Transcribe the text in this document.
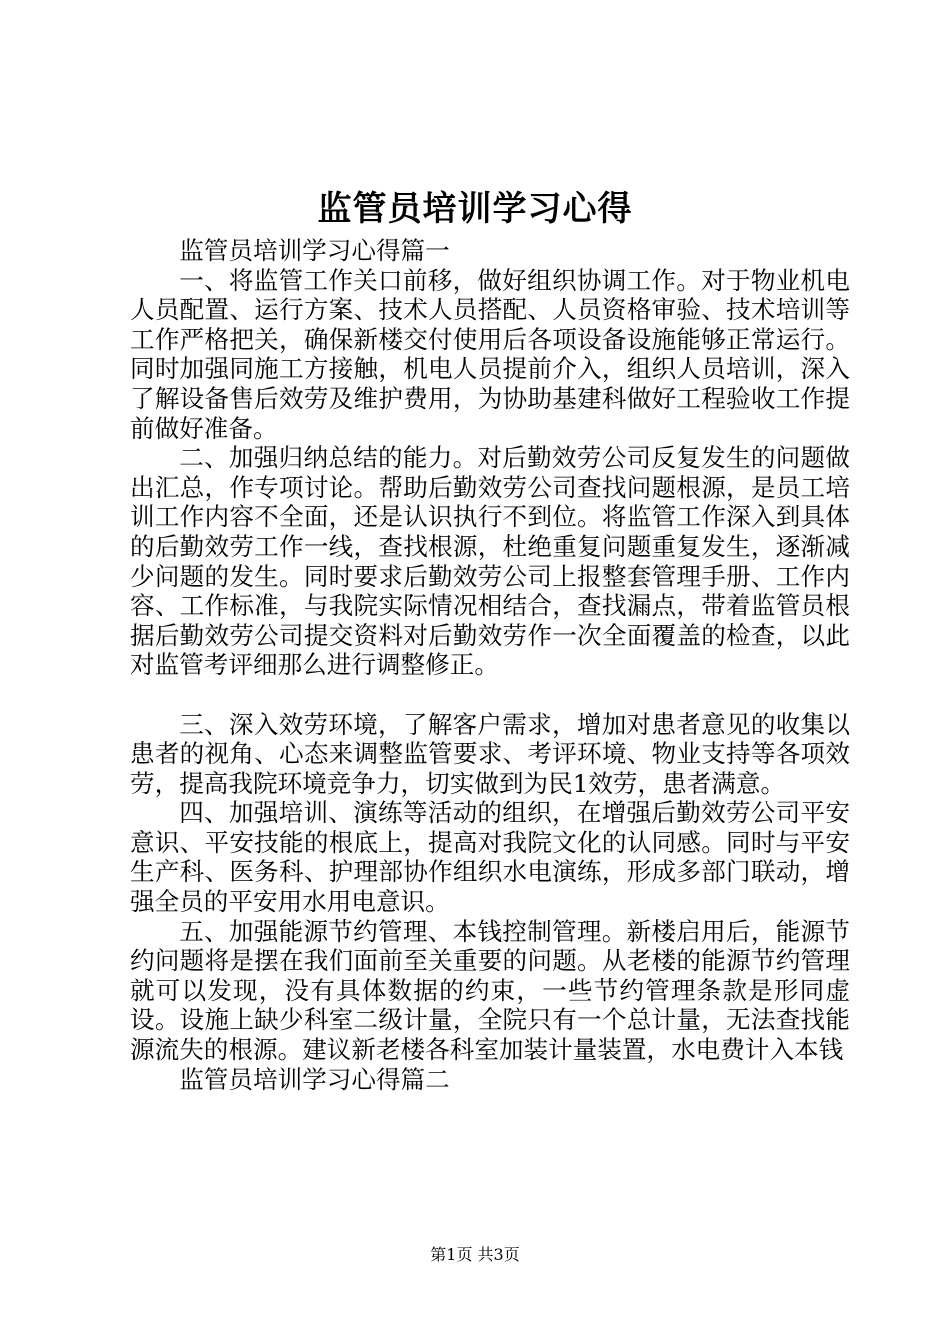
监管员培训学习心得

监管员培训学习心得篇一

一、将监管工作关口前移，做好组织协调工作。对于物业机电人员配置、运行方案、技术人员搭配、人员资格审验、技术培训等工作严格把关，确保新楼交付使用后各项设备设施能够正常运行。同时加强同施工方接触，机电人员提前介入，组织人员培训，深入了解设备售后效劳及维护费用，为协助基建科做好工程验收工作提前做好准备。

二、加强归纳总结的能力。对后勤效劳公司反复发生的问题做出汇总，作专项讨论。帮助后勤效劳公司查找问题根源，是员工培训工作内容不全面，还是认识执行不到位。将监管工作深入到具体的后勤效劳工作一线，查找根源，杜绝重复问题重复发生，逐渐减少问题的发生。同时要求后勤效劳公司上报整套管理手册、工作内容、工作标准，与我院实际情况相结合，查找漏点，带着监管员根据后勤效劳公司提交资料对后勤效劳作一次全面覆盖的检查，以此对监管考评细那么进行调整修正。

三、深入效劳环境，了解客户需求，增加对患者意见的收集以患者的视角、心态来调整监管要求、考评环境、物业支持等各项效劳，提高我院环境竞争力，切实做到为民1效劳，患者满意。

四、加强培训、演练等活动的组织，在增强后勤效劳公司平安意识、平安技能的根底上，提高对我院文化的认同感。同时与平安生产科、医务科、护理部协作组织水电演练，形成多部门联动，增强全员的平安用水用电意识。

五、加强能源节约管理、本钱控制管理。新楼启用后，能源节约问题将是摆在我们面前至关重要的问题。从老楼的能源节约管理就可以发现，没有具体数据的约束，一些节约管理条款是形同虚设。设施上缺少科室二级计量，全院只有一个总计量，无法查找能源流失的根源。建议新老楼各科室加装计量装置，水电费计入本钱

监管员培训学习心得篇二

第1页 共3页
